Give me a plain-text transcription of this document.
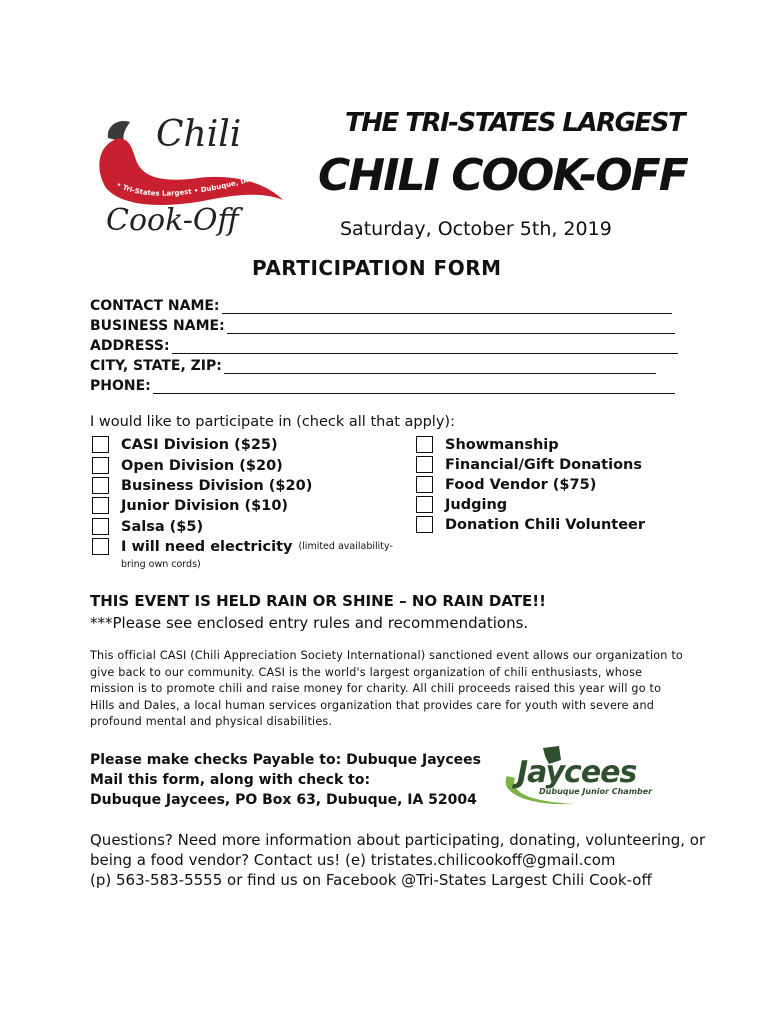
• Tri-States Largest • Dubuque, IA •
Chili
Cook-Off
THE TRI-STATES LARGEST
CHILI COOK-OFF
Saturday, October 5th, 2019
PARTICIPATION FORM
CONTACT NAME:
BUSINESS NAME:
ADDRESS:
CITY, STATE, ZIP:
PHONE:
I would like to participate in (check all that apply):
CASI Division ($25)
Open Division ($20)
Business Division ($20)
Junior Division ($10)
Salsa ($5)
I will need electricity (limited availability-
bring own cords)
Showmanship
Financial/Gift Donations
Food Vendor ($75)
Judging
Donation Chili Volunteer
THIS EVENT IS HELD RAIN OR SHINE – NO RAIN DATE!!
***Please see enclosed entry rules and recommendations.
This official CASI (Chili Appreciation Society International) sanctioned event allows our organization to give back to our community. CASI is the world's largest organization of chili enthusiasts, whose mission is to promote chili and raise money for charity. All chili proceeds raised this year will go to Hills and Dales, a local human services organization that provides care for youth with severe and profound mental and physical disabilities.
Please make checks Payable to: Dubuque Jaycees
Mail this form, along with check to:
Dubuque Jaycees, PO Box 63, Dubuque, IA 52004
Jaycees
Dubuque Junior Chamber
Questions? Need more information about participating, donating, volunteering, or
being a food vendor? Contact us! (e) tristates.chilicookoff@gmail.com
(p) 563-583-5555 or find us on Facebook @Tri-States Largest Chili Cook-off
